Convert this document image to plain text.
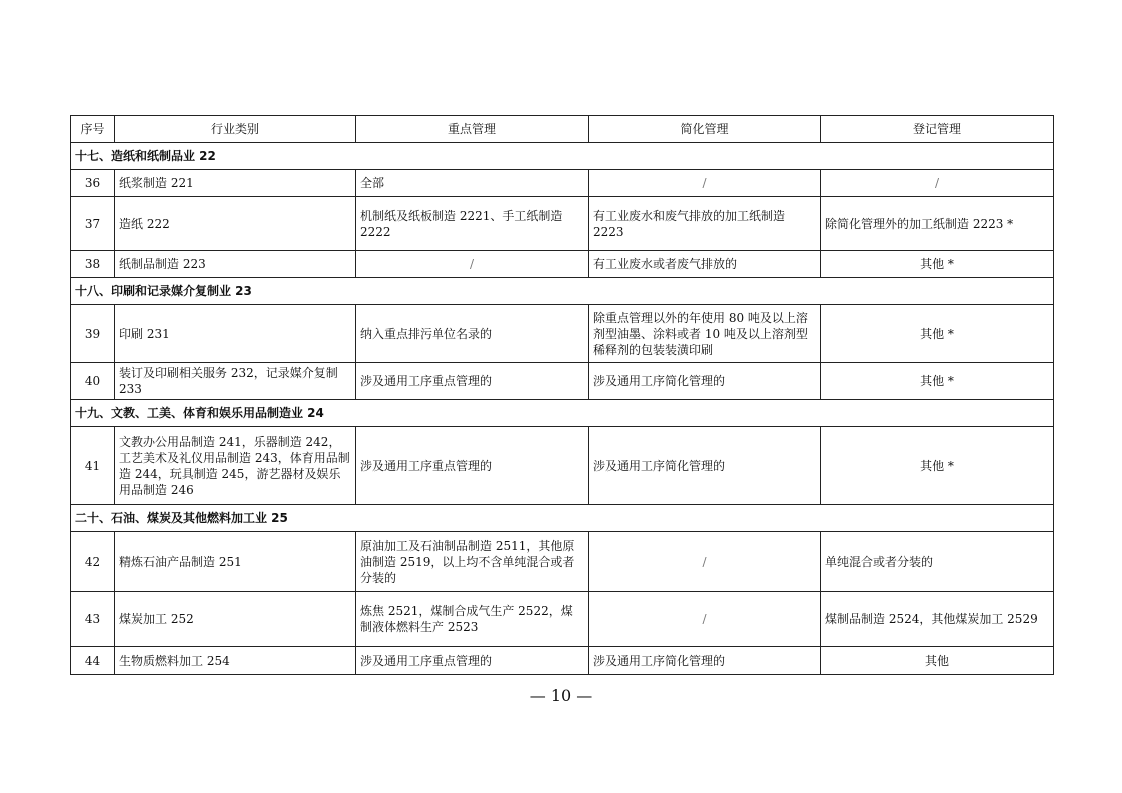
序号	行业类别	重点管理	简化管理	登记管理
十七、造纸和纸制品业 22				
36	纸浆制造 221	全部	/	/
37	造纸 222	机制纸及纸板制造 2221、手工纸制造 2222	有工业废水和废气排放的加工纸制造 2223	除简化管理外的加工纸制造 2223 *
38	纸制品制造 223	/	有工业废水或者废气排放的	其他 *
十八、印刷和记录媒介复制业 23				
39	印刷 231	纳入重点排污单位名录的	除重点管理以外的年使用 80 吨及以上溶剂型油墨、涂料或者 10 吨及以上溶剂型稀释剂的包装装潢印刷	其他 *
40	装订及印刷相关服务 232，记录媒介复制 233	涉及通用工序重点管理的	涉及通用工序简化管理的	其他 *
十九、文教、工美、体育和娱乐用品制造业 24				
41	文教办公用品制造 241，乐器制造 242，工艺美术及礼仪用品制造 243，体育用品制造 244，玩具制造 245，游艺器材及娱乐用品制造 246	涉及通用工序重点管理的	涉及通用工序简化管理的	其他 *
二十、石油、煤炭及其他燃料加工业 25				
42	精炼石油产品制造 251	原油加工及石油制品制造 2511，其他原油制造 2519，以上均不含单纯混合或者分装的	/	单纯混合或者分装的
43	煤炭加工 252	炼焦 2521，煤制合成气生产 2522，煤制液体燃料生产 2523	/	煤制品制造 2524，其他煤炭加工 2529
44	生物质燃料加工 254	涉及通用工序重点管理的	涉及通用工序简化管理的	其他
— 10 —
